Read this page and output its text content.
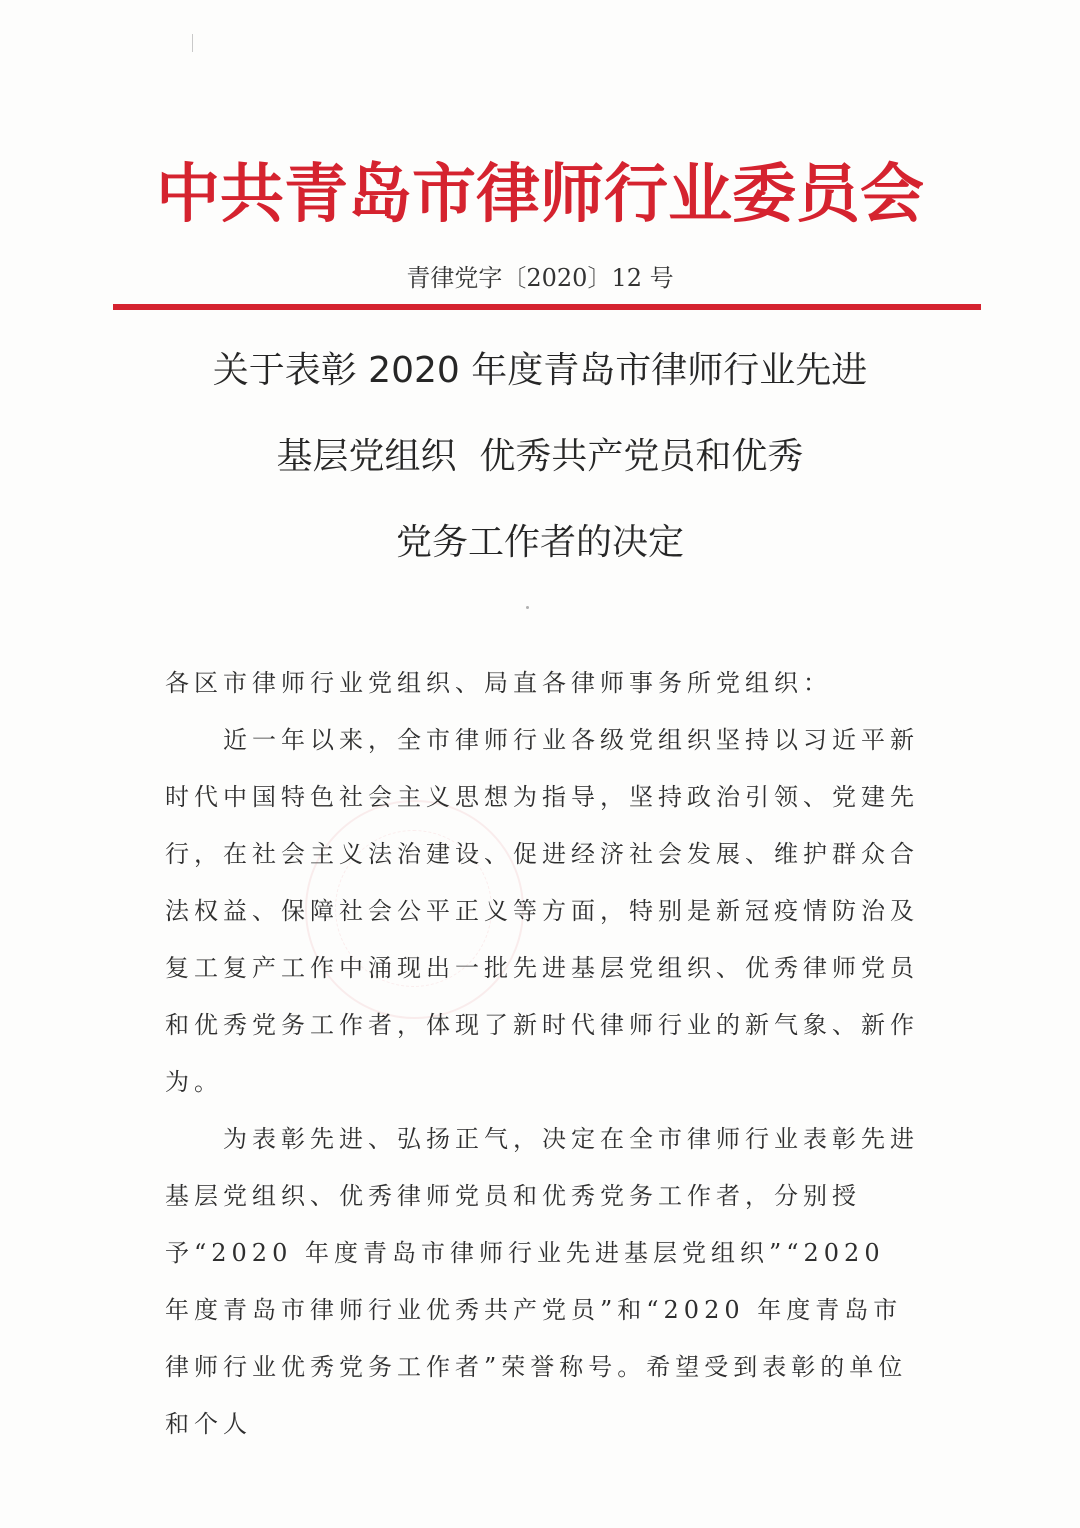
中共青岛市律师行业委员会
青律党字〔2020〕12 号
关于表彰 2020 年度青岛市律师行业先进
基层党组织  优秀共产党员和优秀
党务工作者的决定

各区市律师行业党组织、局直各律师事务所党组织：

近一年以来，全市律师行业各级党组织坚持以习近平新时代中国特色社会主义思想为指导，坚持政治引领、党建先行，在社会主义法治建设、促进经济社会发展、维护群众合法权益、保障社会公平正义等方面，特别是新冠疫情防治及复工复产工作中涌现出一批先进基层党组织、优秀律师党员和优秀党务工作者，体现了新时代律师行业的新气象、新作为。

为表彰先进、弘扬正气，决定在全市律师行业表彰先进基层党组织、优秀律师党员和优秀党务工作者，分别授予“2020 年度青岛市律师行业先进基层党组织”“2020 年度青岛市律师行业优秀共产党员”和“2020 年度青岛市律师行业优秀党务工作者”荣誉称号。希望受到表彰的单位和个人
